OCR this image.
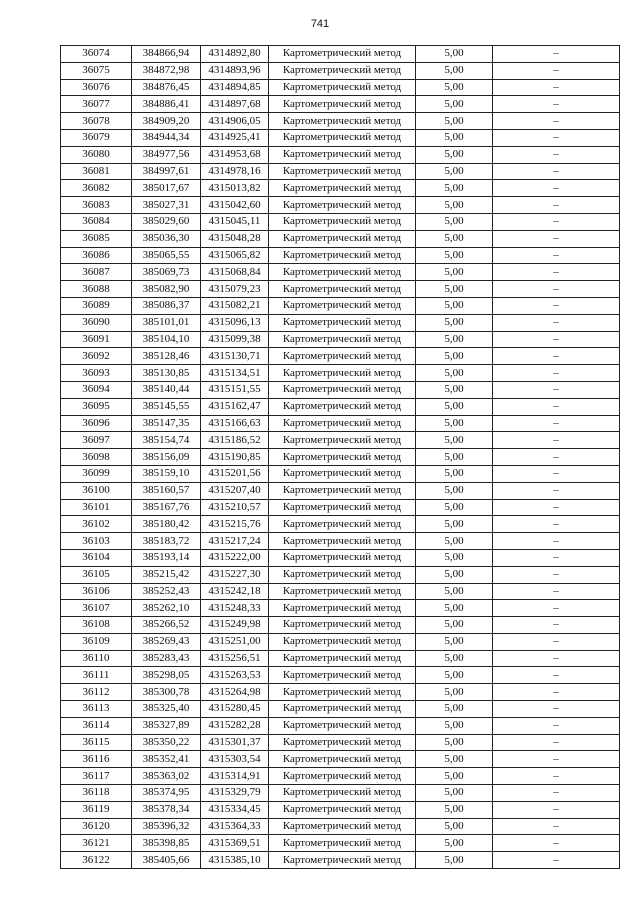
741
36074	384866,94	4314892,80	Картометрический метод	5,00	–
36075	384872,98	4314893,96	Картометрический метод	5,00	–
36076	384876,45	4314894,85	Картометрический метод	5,00	–
36077	384886,41	4314897,68	Картометрический метод	5,00	–
36078	384909,20	4314906,05	Картометрический метод	5,00	–
36079	384944,34	4314925,41	Картометрический метод	5,00	–
36080	384977,56	4314953,68	Картометрический метод	5,00	–
36081	384997,61	4314978,16	Картометрический метод	5,00	–
36082	385017,67	4315013,82	Картометрический метод	5,00	–
36083	385027,31	4315042,60	Картометрический метод	5,00	–
36084	385029,60	4315045,11	Картометрический метод	5,00	–
36085	385036,30	4315048,28	Картометрический метод	5,00	–
36086	385065,55	4315065,82	Картометрический метод	5,00	–
36087	385069,73	4315068,84	Картометрический метод	5,00	–
36088	385082,90	4315079,23	Картометрический метод	5,00	–
36089	385086,37	4315082,21	Картометрический метод	5,00	–
36090	385101,01	4315096,13	Картометрический метод	5,00	–
36091	385104,10	4315099,38	Картометрический метод	5,00	–
36092	385128,46	4315130,71	Картометрический метод	5,00	–
36093	385130,85	4315134,51	Картометрический метод	5,00	–
36094	385140,44	4315151,55	Картометрический метод	5,00	–
36095	385145,55	4315162,47	Картометрический метод	5,00	–
36096	385147,35	4315166,63	Картометрический метод	5,00	–
36097	385154,74	4315186,52	Картометрический метод	5,00	–
36098	385156,09	4315190,85	Картометрический метод	5,00	–
36099	385159,10	4315201,56	Картометрический метод	5,00	–
36100	385160,57	4315207,40	Картометрический метод	5,00	–
36101	385167,76	4315210,57	Картометрический метод	5,00	–
36102	385180,42	4315215,76	Картометрический метод	5,00	–
36103	385183,72	4315217,24	Картометрический метод	5,00	–
36104	385193,14	4315222,00	Картометрический метод	5,00	–
36105	385215,42	4315227,30	Картометрический метод	5,00	–
36106	385252,43	4315242,18	Картометрический метод	5,00	–
36107	385262,10	4315248,33	Картометрический метод	5,00	–
36108	385266,52	4315249,98	Картометрический метод	5,00	–
36109	385269,43	4315251,00	Картометрический метод	5,00	–
36110	385283,43	4315256,51	Картометрический метод	5,00	–
36111	385298,05	4315263,53	Картометрический метод	5,00	–
36112	385300,78	4315264,98	Картометрический метод	5,00	–
36113	385325,40	4315280,45	Картометрический метод	5,00	–
36114	385327,89	4315282,28	Картометрический метод	5,00	–
36115	385350,22	4315301,37	Картометрический метод	5,00	–
36116	385352,41	4315303,54	Картометрический метод	5,00	–
36117	385363,02	4315314,91	Картометрический метод	5,00	–
36118	385374,95	4315329,79	Картометрический метод	5,00	–
36119	385378,34	4315334,45	Картометрический метод	5,00	–
36120	385396,32	4315364,33	Картометрический метод	5,00	–
36121	385398,85	4315369,51	Картометрический метод	5,00	–
36122	385405,66	4315385,10	Картометрический метод	5,00	–
